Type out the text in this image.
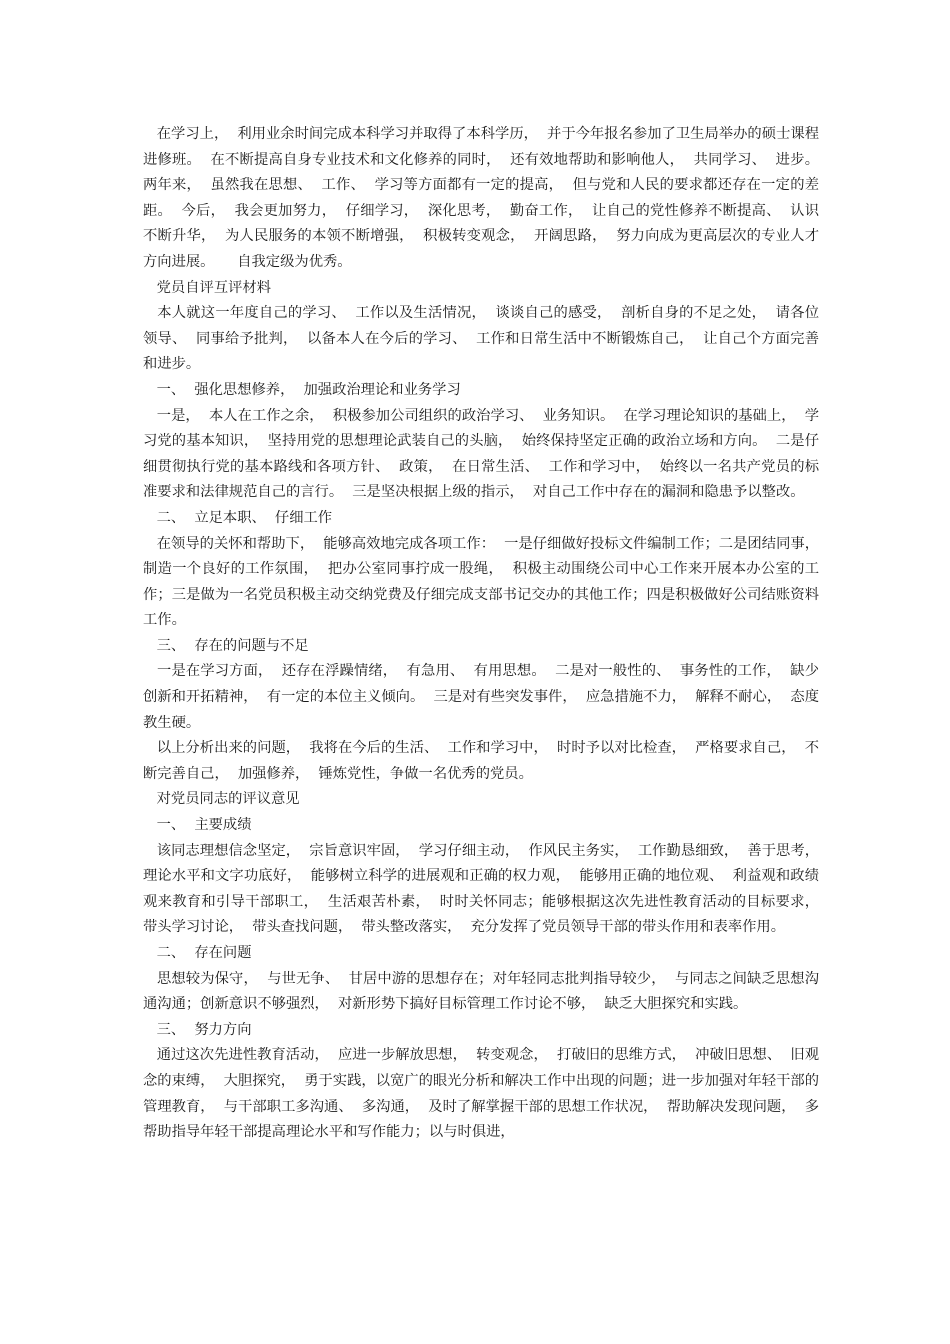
在学习上，  利用业余时间完成本科学习并取得了本科学历，  并于今年报名参加了卫生局举办的硕士课程进修班。  在不断提高自身专业技术和文化修养的同时，  还有效地帮助和影响他人，  共同学习、  进步。两年来，  虽然我在思想、  工作、  学习等方面都有一定的提高，  但与党和人民的要求都还存在一定的差距。  今后，  我会更加努力，  仔细学习，  深化思考，  勤奋工作，  让自己的党性修养不断提高、  认识不断升华，  为人民服务的本领不断增强，  积极转变观念，  开阔思路，  努力向成为更高层次的专业人才方向进展。     自我定级为优秀。

党员自评互评材料

本人就这一年度自己的学习、  工作以及生活情况，  谈谈自己的感受，  剖析自身的不足之处，  请各位领导、  同事给予批判，  以备本人在今后的学习、  工作和日常生活中不断锻炼自己，  让自己个方面完善和进步。

一、  强化思想修养，  加强政治理论和业务学习

一是，  本人在工作之余，  积极参加公司组织的政治学习、  业务知识。  在学习理论知识的基础上，  学习党的基本知识，  坚持用党的思想理论武装自己的头脑，  始终保持坚定正确的政治立场和方向。  二是仔细贯彻执行党的基本路线和各项方针、  政策，  在日常生活、  工作和学习中，  始终以一名共产党员的标准要求和法律规范自己的言行。  三是坚决根据上级的指示，  对自己工作中存在的漏洞和隐患予以整改。

二、  立足本职、  仔细工作

在领导的关怀和帮助下，  能够高效地完成各项工作：  一是仔细做好投标文件编制工作；二是团结同事，  制造一个良好的工作氛围，  把办公室同事拧成一股绳，  积极主动围绕公司中心工作来开展本办公室的工作；三是做为一名党员积极主动交纳党费及仔细完成支部书记交办的其他工作；四是积极做好公司结账资料工作。

三、  存在的问题与不足

一是在学习方面，  还存在浮躁情绪，  有急用、  有用思想。  二是对一般性的、  事务性的工作，  缺少创新和开拓精神，  有一定的本位主义倾向。  三是对有些突发事件，  应急措施不力，  解释不耐心，  态度教生硬。

以上分析出来的问题，  我将在今后的生活、  工作和学习中，  时时予以对比检查，  严格要求自己，  不断完善自己，  加强修养，  锤炼党性，争做一名优秀的党员。

对党员同志的评议意见

一、  主要成绩

该同志理想信念坚定，  宗旨意识牢固，  学习仔细主动，  作风民主务实，  工作勤恳细致，  善于思考，  理论水平和文字功底好，  能够树立科学的进展观和正确的权力观，  能够用正确的地位观、  利益观和政绩观来教育和引导干部职工，  生活艰苦朴素，  时时关怀同志；能够根据这次先进性教育活动的目标要求，  带头学习讨论，  带头查找问题，  带头整改落实，  充分发挥了党员领导干部的带头作用和表率作用。

二、  存在问题

思想较为保守，  与世无争、  甘居中游的思想存在；对年轻同志批判指导较少，  与同志之间缺乏思想沟通沟通；创新意识不够强烈，  对新形势下搞好目标管理工作讨论不够，  缺乏大胆探究和实践。

三、  努力方向

通过这次先进性教育活动，  应进一步解放思想，  转变观念，  打破旧的思维方式，  冲破旧思想、  旧观念的束缚，  大胆探究，  勇于实践，以宽广的眼光分析和解决工作中出现的问题；进一步加强对年轻干部的管理教育，  与干部职工多沟通、  多沟通，  及时了解掌握干部的思想工作状况，  帮助解决发现问题，  多帮助指导年轻干部提高理论水平和写作能力；以与时俱进，
